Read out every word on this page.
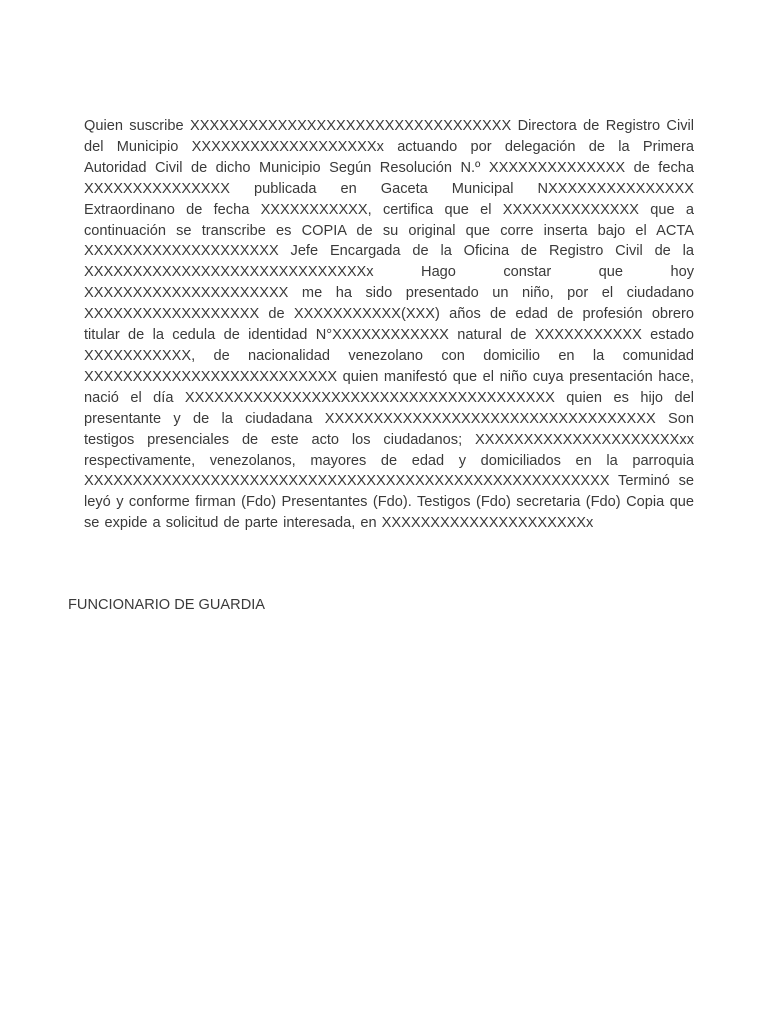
Quien suscribe XXXXXXXXXXXXXXXXXXXXXXXXXXXXXXXXX Directora de Registro Civil del Municipio XXXXXXXXXXXXXXXXXXXx actuando por delegación de la Primera Autoridad Civil de dicho Municipio Según Resolución N.º XXXXXXXXXXXXXX de fecha XXXXXXXXXXXXXXX publicada en Gaceta Municipal NXXXXXXXXXXXXXXX Extraordinano de fecha XXXXXXXXXXX, certifica que el XXXXXXXXXXXXXX que a continuación se transcribe es COPIA de su original que corre inserta bajo el ACTA XXXXXXXXXXXXXXXXXXXX Jefe Encargada de la Oficina de Registro Civil de la XXXXXXXXXXXXXXXXXXXXXXXXXXXXXx Hago constar que hoy XXXXXXXXXXXXXXXXXXXXX me ha sido presentado un niño, por el ciudadano XXXXXXXXXXXXXXXXXX de XXXXXXXXXXX(XXX) años de edad de profesión obrero titular de la cedula de identidad N°XXXXXXXXXXXX natural de XXXXXXXXXXX estado XXXXXXXXXXX, de nacionalidad venezolano con domicilio en la comunidad XXXXXXXXXXXXXXXXXXXXXXXXXX quien manifestó que el niño cuya presentación hace, nació el día XXXXXXXXXXXXXXXXXXXXXXXXXXXXXXXXXXXXXX quien es hijo del presentante y de la ciudadana XXXXXXXXXXXXXXXXXXXXXXXXXXXXXXXXXX Son testigos presenciales de este acto los ciudadanos; XXXXXXXXXXXXXXXXXXXXXxx respectivamente, venezolanos, mayores de edad y domiciliados en la parroquia XXXXXXXXXXXXXXXXXXXXXXXXXXXXXXXXXXXXXXXXXXXXXXXXXXXXXX Terminó se leyó y conforme firman (Fdo) Presentantes (Fdo). Testigos (Fdo) secretaria (Fdo) Copia que se expide a solicitud de parte interesada, en XXXXXXXXXXXXXXXXXXXXXx

FUNCIONARIO DE GUARDIA
